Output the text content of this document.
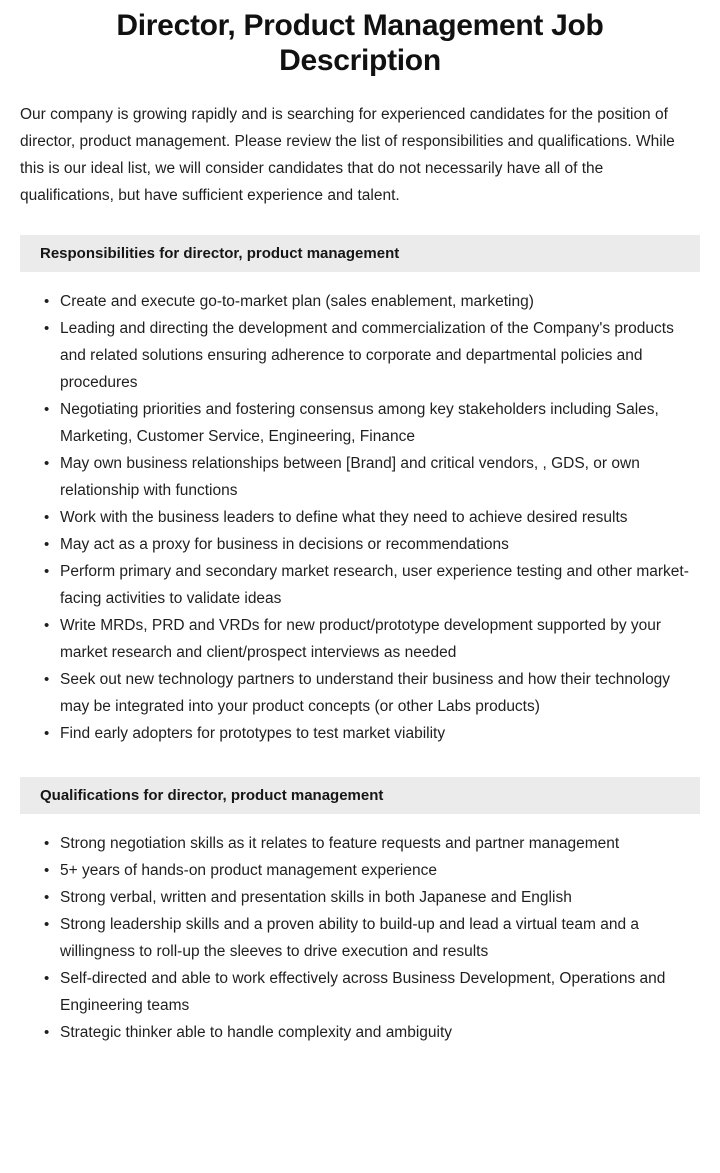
Director, Product Management Job Description

Our company is growing rapidly and is searching for experienced candidates for the position of director, product management. Please review the list of responsibilities and qualifications. While this is our ideal list, we will consider candidates that do not necessarily have all of the qualifications, but have sufficient experience and talent.

Responsibilities for director, product management
• Create and execute go-to-market plan (sales enablement, marketing)
• Leading and directing the development and commercialization of the Company's products and related solutions ensuring adherence to corporate and departmental policies and procedures
• Negotiating priorities and fostering consensus among key stakeholders including Sales, Marketing, Customer Service, Engineering, Finance
• May own business relationships between [Brand] and critical vendors, , GDS, or own relationship with functions
• Work with the business leaders to define what they need to achieve desired results
• May act as a proxy for business in decisions or recommendations
• Perform primary and secondary market research, user experience testing and other market-facing activities to validate ideas
• Write MRDs, PRD and VRDs for new product/prototype development supported by your market research and client/prospect interviews as needed
• Seek out new technology partners to understand their business and how their technology may be integrated into your product concepts (or other Labs products)
• Find early adopters for prototypes to test market viability
Qualifications for director, product management
• Strong negotiation skills as it relates to feature requests and partner management
• 5+ years of hands-on product management experience
• Strong verbal, written and presentation skills in both Japanese and English
• Strong leadership skills and a proven ability to build-up and lead a virtual team and a willingness to roll-up the sleeves to drive execution and results
• Self-directed and able to work effectively across Business Development, Operations and Engineering teams
• Strategic thinker able to handle complexity and ambiguity
